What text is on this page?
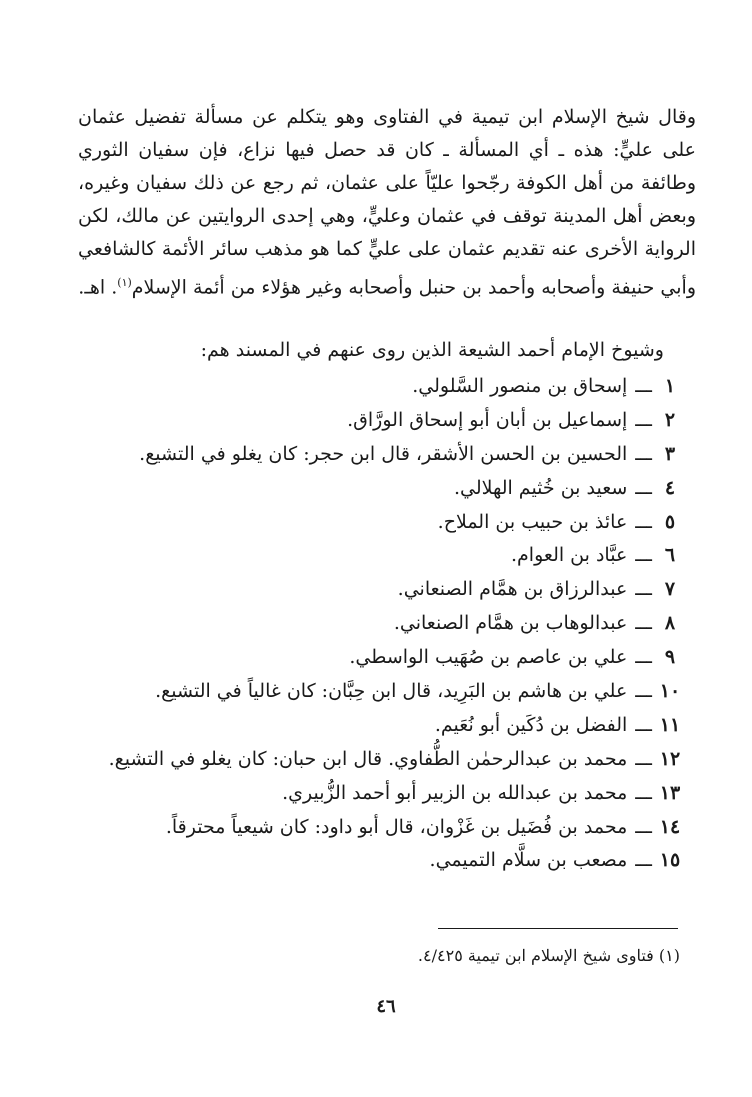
وقال شيخ الإسلام ابن تيمية في الفتاوى وهو يتكلم عن مسألة تفضيل عثمان على عليٍّ: هذه ـ أي المسألة ـ كان قد حصل فيها نزاع، فإن سفيان الثوري وطائفة من أهل الكوفة رجّحوا عليّاً على عثمان، ثم رجع عن ذلك سفيان وغيره، وبعض أهل المدينة توقف في عثمان وعليٍّ، وهي إحدى الروايتين عن مالك، لكن الرواية الأخرى عنه تقديم عثمان على عليٍّ كما هو مذهب سائر الأئمة كالشافعي وأبي حنيفة وأصحابه وأحمد بن حنبل وأصحابه وغير هؤلاء من أئمة الإسلام$^{(١)}$. اهـ.

وشيوخ الإمام أحمد الشيعة الذين روى عنهم في المسند هم:
١ـــإسحاق بن منصور السَّلولي.
٢ـــإسماعيل بن أبان أبو إسحاق الورَّاق.
٣ـــالحسين بن الحسن الأشقر، قال ابن حجر: كان يغلو في التشيع.
٤ـــسعيد بن خُثيم الهلالي.
٥ـــعائذ بن حبيب بن الملاح.
٦ـــعبَّاد بن العوام.
٧ـــعبدالرزاق بن همَّام الصنعاني.
٨ـــعبدالوهاب بن همَّام الصنعاني.
٩ـــعلي بن عاصم بن صُهَيب الواسطي.
١٠ـــعلي بن هاشم بن البَرِيد، قال ابن حِبَّان: كان غالياً في التشيع.
١١ـــالفضل بن دُكَين أبو نُعَيم.
١٢ـــمحمد بن عبدالرحمٰن الطُّفاوي. قال ابن حبان: كان يغلو في التشيع.
١٣ـــمحمد بن عبدالله بن الزبير أبو أحمد الزُّبيري.
١٤ـــمحمد بن فُضَيل بن غَزْوان، قال أبو داود: كان شيعياً محترقاً.
١٥ـــمصعب بن سلَّام التميمي.
(١) فتاوى شيخ الإسلام ابن تيمية ٤/٤٢٥.
٤٦
